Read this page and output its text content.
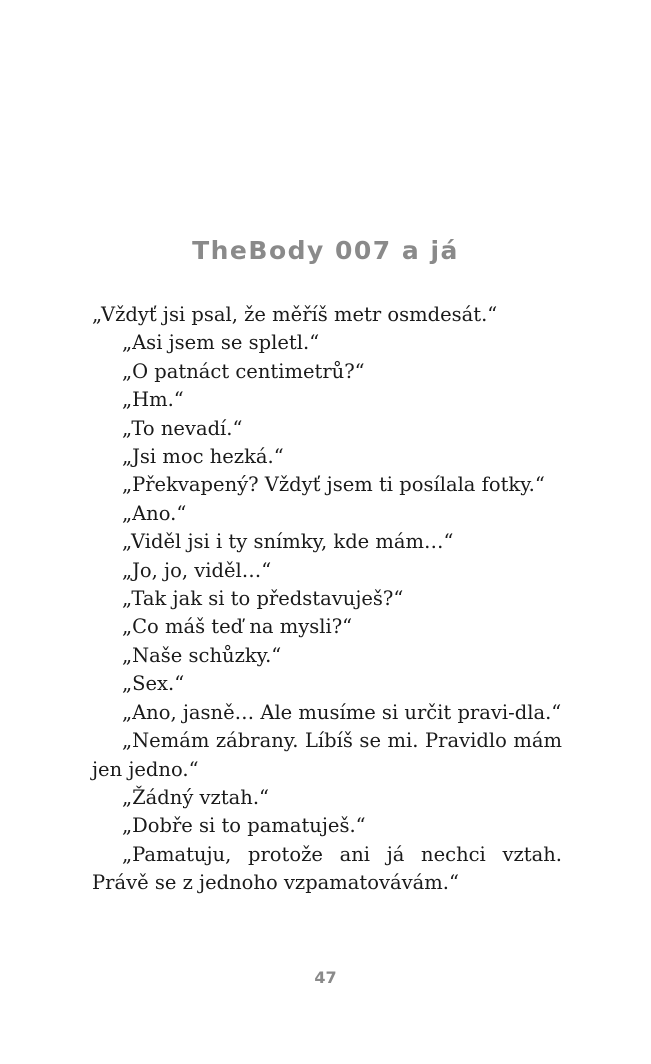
TheBody 007 a já

„Vždyť jsi psal, že měříš metr osmdesát.“

„Asi jsem se spletl.“

„O patnáct centimetrů?“

„Hm.“

„To nevadí.“

„Jsi moc hezká.“

„Překvapený? Vždyť jsem ti posílala fotky.“

„Ano.“

„Viděl jsi i ty snímky, kde mám…“

„Jo, jo, viděl…“

„Tak jak si to představuješ?“

„Co máš teď na mysli?“

„Naše schůzky.“

„Sex.“

„Ano, jasně… Ale musíme si určit pravi-dla.“

„Nemám zábrany. Líbíš se mi. Pravidlo mám jen jedno.“

„Žádný vztah.“

„Dobře si to pamatuješ.“

„Pamatuju, protože ani já nechci vztah. Právě se z jednoho vzpamatovávám.“

47
